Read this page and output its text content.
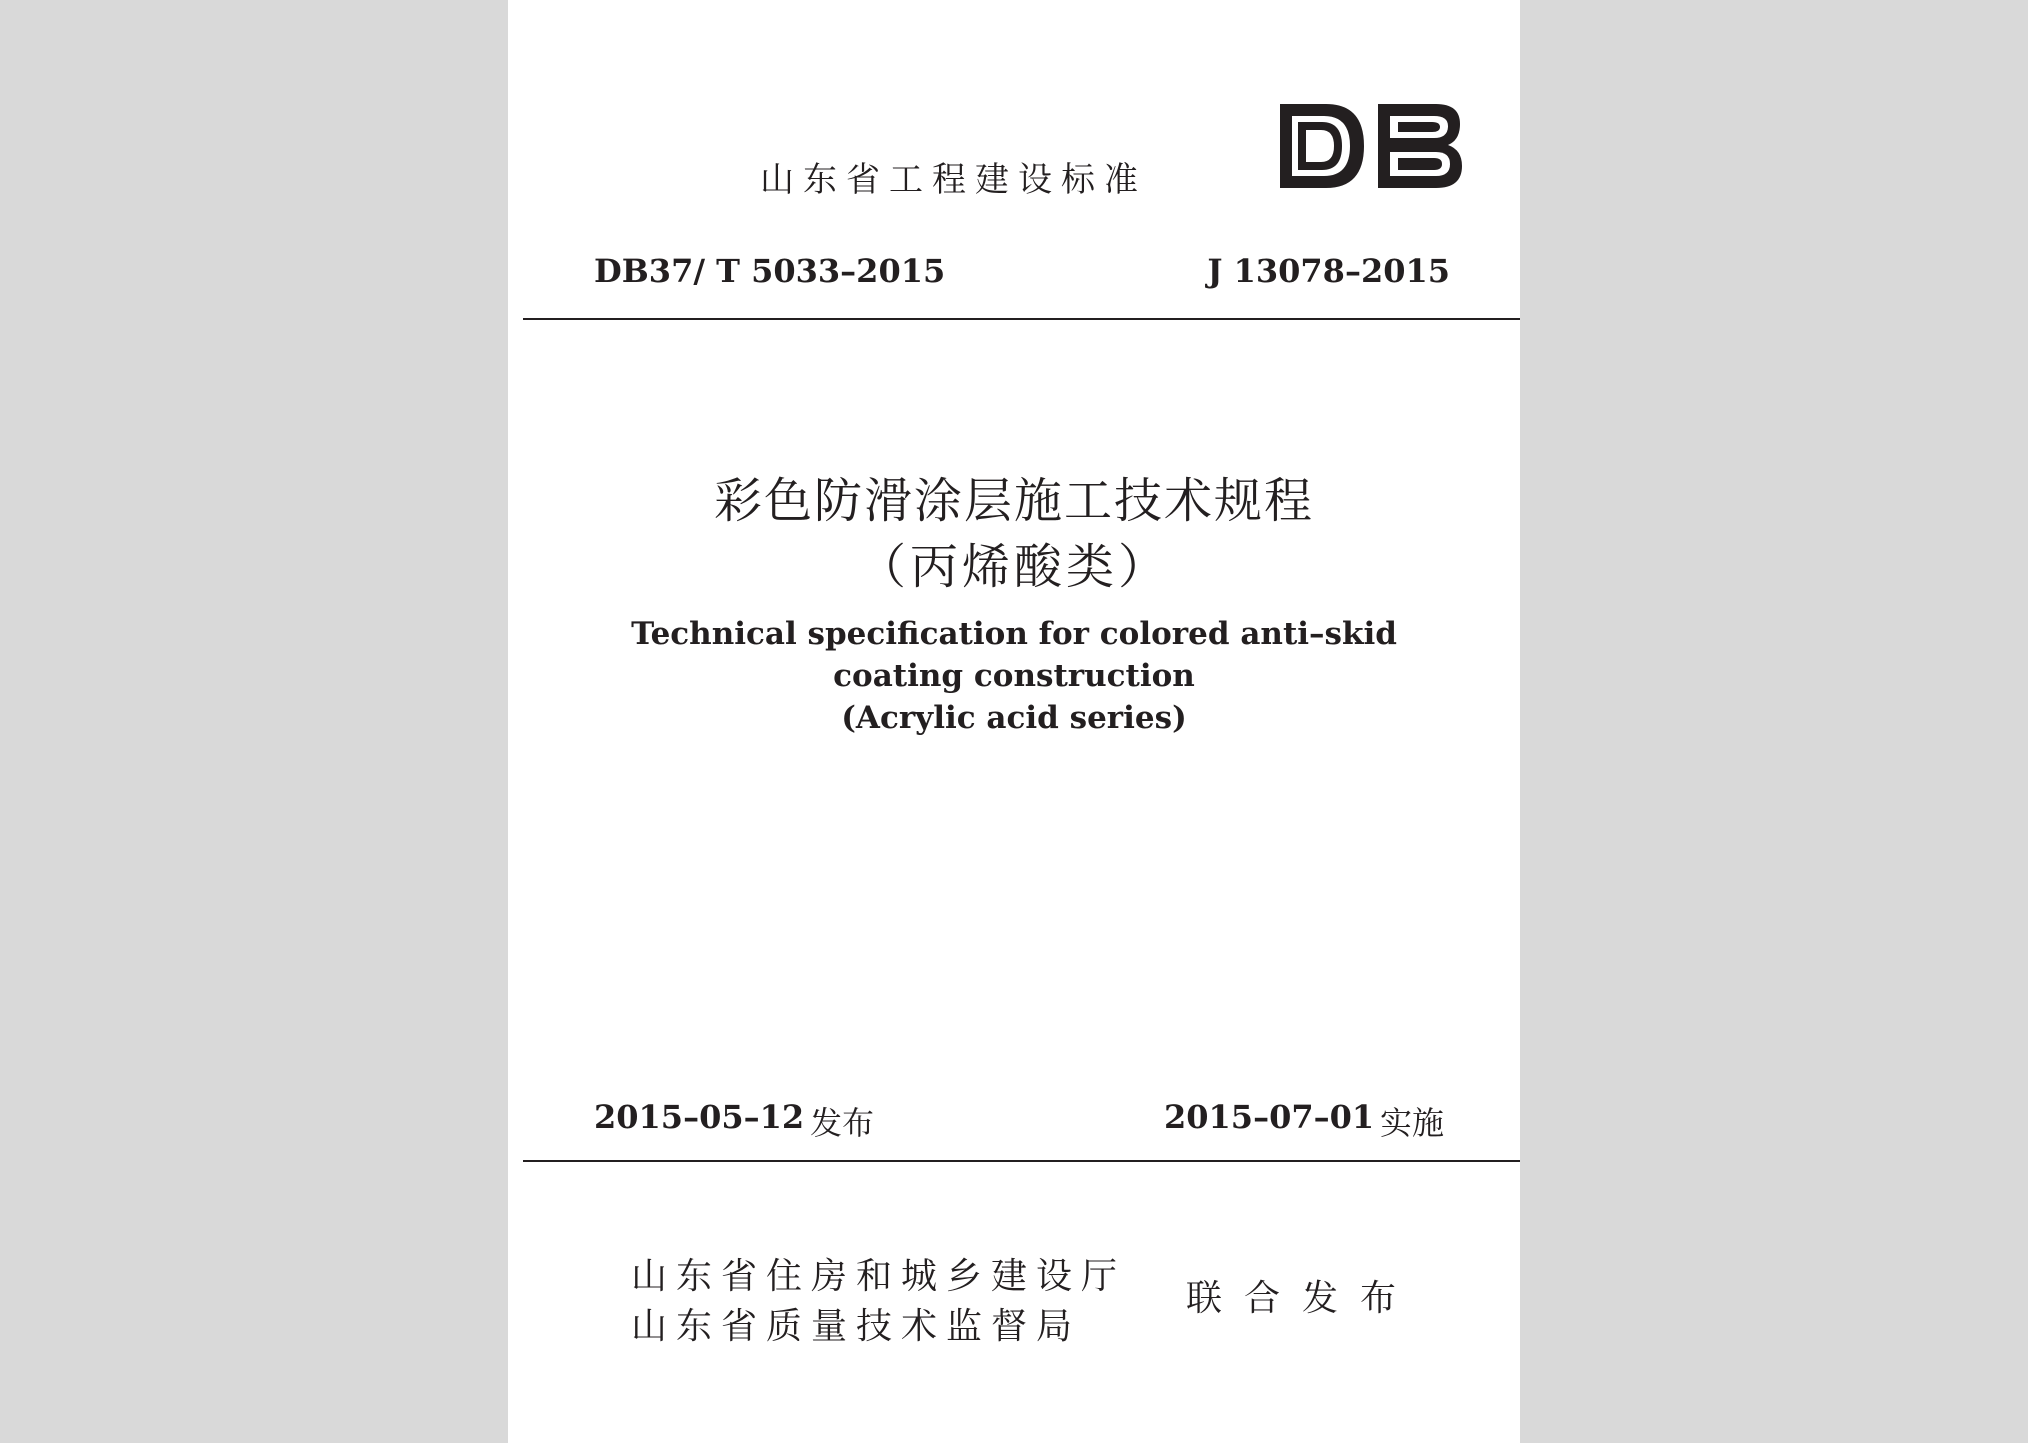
山东省工程建设标准
DB37/ T 5033–2015	J 13078–2015
彩色防滑涂层施工技术规程
（丙烯酸类）
Technical specification for colored anti–skid
coating construction
(Acrylic acid series)
2015–05–12 发布	2015–07–01 实施
山东省住房和城乡建设厅
山东省质量技术监督局
联合发布
